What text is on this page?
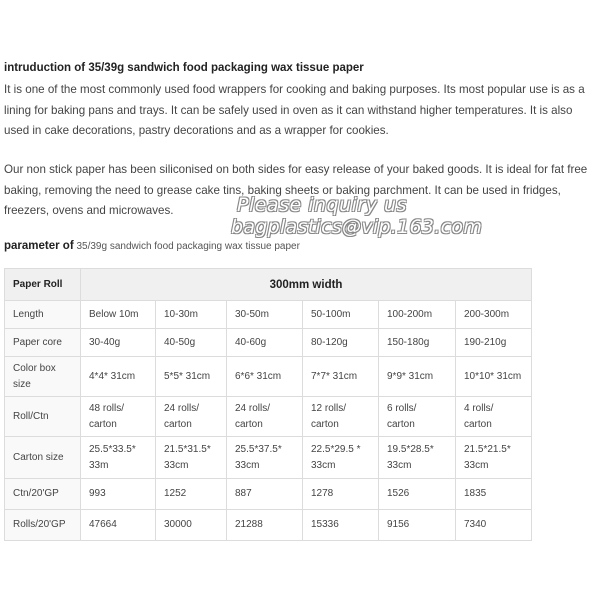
intruduction of 35/39g sandwich food packaging wax tissue paper
It is one of the most commonly used food wrappers for cooking and baking purposes. Its most popular use is as a lining for baking pans and trays. It can be safely used in oven as it can withstand higher temperatures. It is also used in cake decorations, pastry decorations and as a wrapper for cookies.
Our non stick paper has been siliconised on both sides for easy release of your baked goods. It is ideal for fat free baking, removing the need to grease cake tins, baking sheets or baking parchment. It can be used in fridges, freezers, ovens and microwaves.	Please inquiry us
bagplastics@vip.163.com
parameter of 35/39g sandwich food packaging wax tissue paper
Paper Roll	300mm width					
Length	Below 10m	10-30m	30-50m	50-100m	100-200m	200-300m
Paper core	30-40g	40-50g	40-60g	80-120g	150-180g	190-210g
Color box size	4*4* 31cm	5*5* 31cm	6*6* 31cm	7*7* 31cm	9*9* 31cm	10*10* 31cm
Roll/Ctn	48 rolls/ carton	24 rolls/ carton	24 rolls/ carton	12 rolls/ carton	6 rolls/ carton	4 rolls/ carton
Carton size	25.5*33.5* 33m	21.5*31.5* 33cm	25.5*37.5* 33cm	22.5*29.5 * 33cm	19.5*28.5* 33cm	21.5*21.5* 33cm
Ctn/20'GP	993	1252	887	1278	1526	1835
Rolls/20'GP	47664	30000	21288	15336	9156	7340
